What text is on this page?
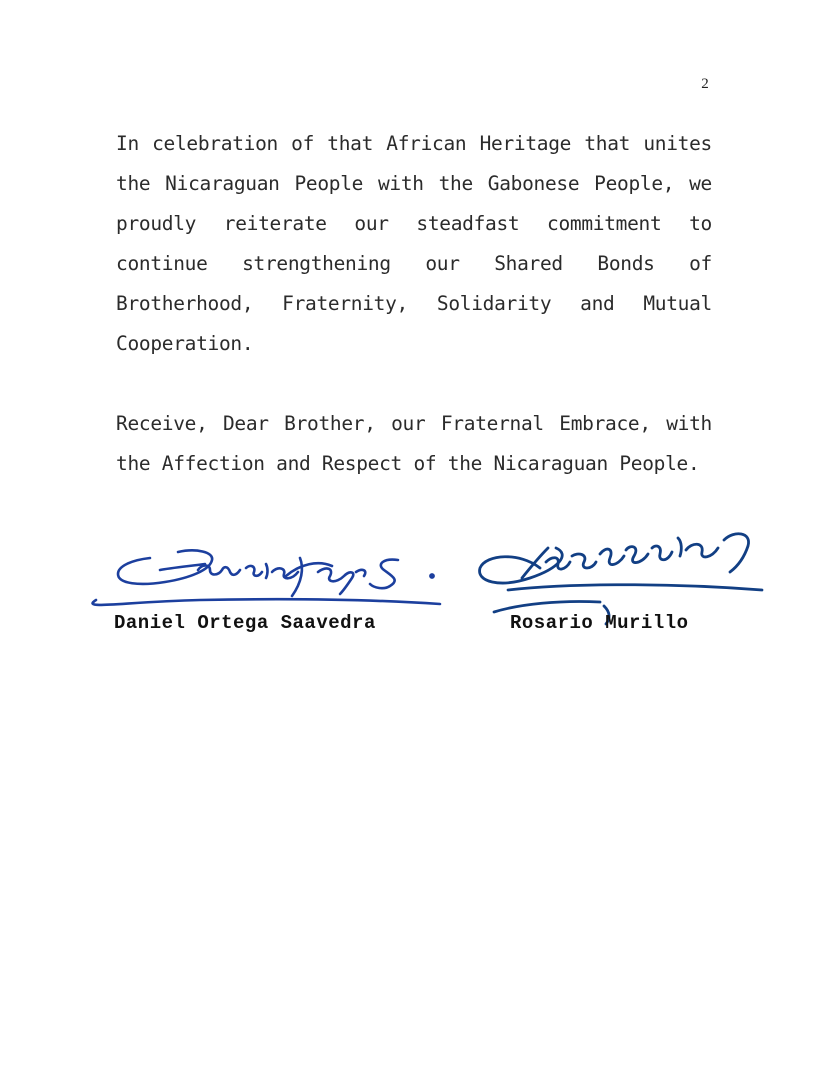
2

In celebration of that African Heritage that unites the Nicaraguan People with the Gabonese People, we proudly reiterate our steadfast commitment to continue strengthening our Shared Bonds of Brotherhood, Fraternity, Solidarity and Mutual Cooperation.

Receive, Dear Brother, our Fraternal Embrace, with the Affection and Respect of the Nicaraguan People.

Daniel Ortega Saavedra	Rosario Murillo
